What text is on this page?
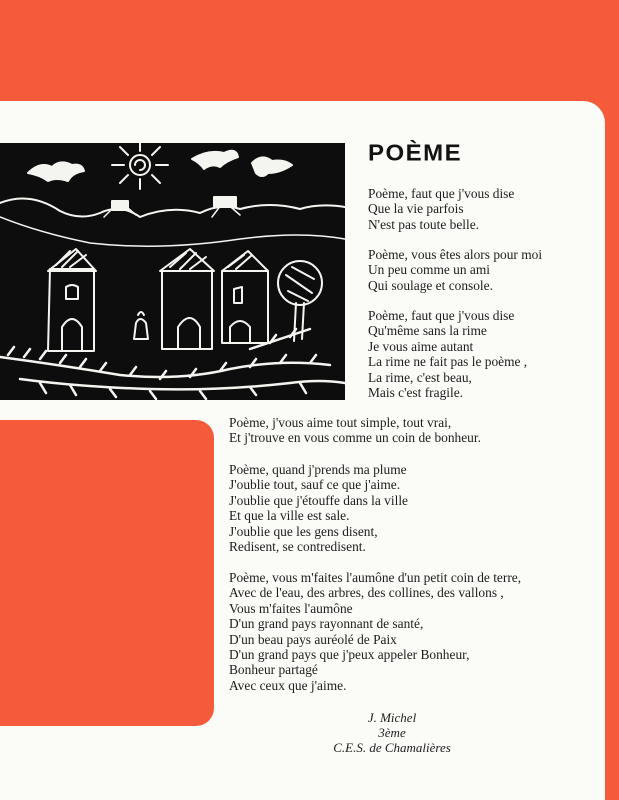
POÈME

Poème, faut que j'vous dise
Que la vie parfois
N'est pas toute belle.

Poème, vous êtes alors pour moi
Un peu comme un ami
Qui soulage et console.

Poème, faut que j'vous dise
Qu'même sans la rime
Je vous aime autant
La rime ne fait pas le poème ,
La rime, c'est beau,
Mais c'est fragile.

Poème, j'vous aime tout simple, tout vrai,
Et j'trouve en vous comme un coin de bonheur.

Poème, quand j'prends ma plume
J'oublie tout, sauf ce que j'aime.
J'oublie que j'étouffe dans la ville
Et que la ville est sale.
J'oublie que les gens disent,
Redisent, se contredisent.

Poème, vous m'faites l'aumône d'un petit coin de terre,
Avec de l'eau, des arbres, des collines, des vallons ,
Vous m'faites l'aumône
D'un grand pays rayonnant de santé,
D'un beau pays auréolé de Paix
D'un grand pays que j'peux appeler Bonheur,
Bonheur partagé
Avec ceux que j'aime.

J. Michel
3ème
C.E.S. de Chamalières
